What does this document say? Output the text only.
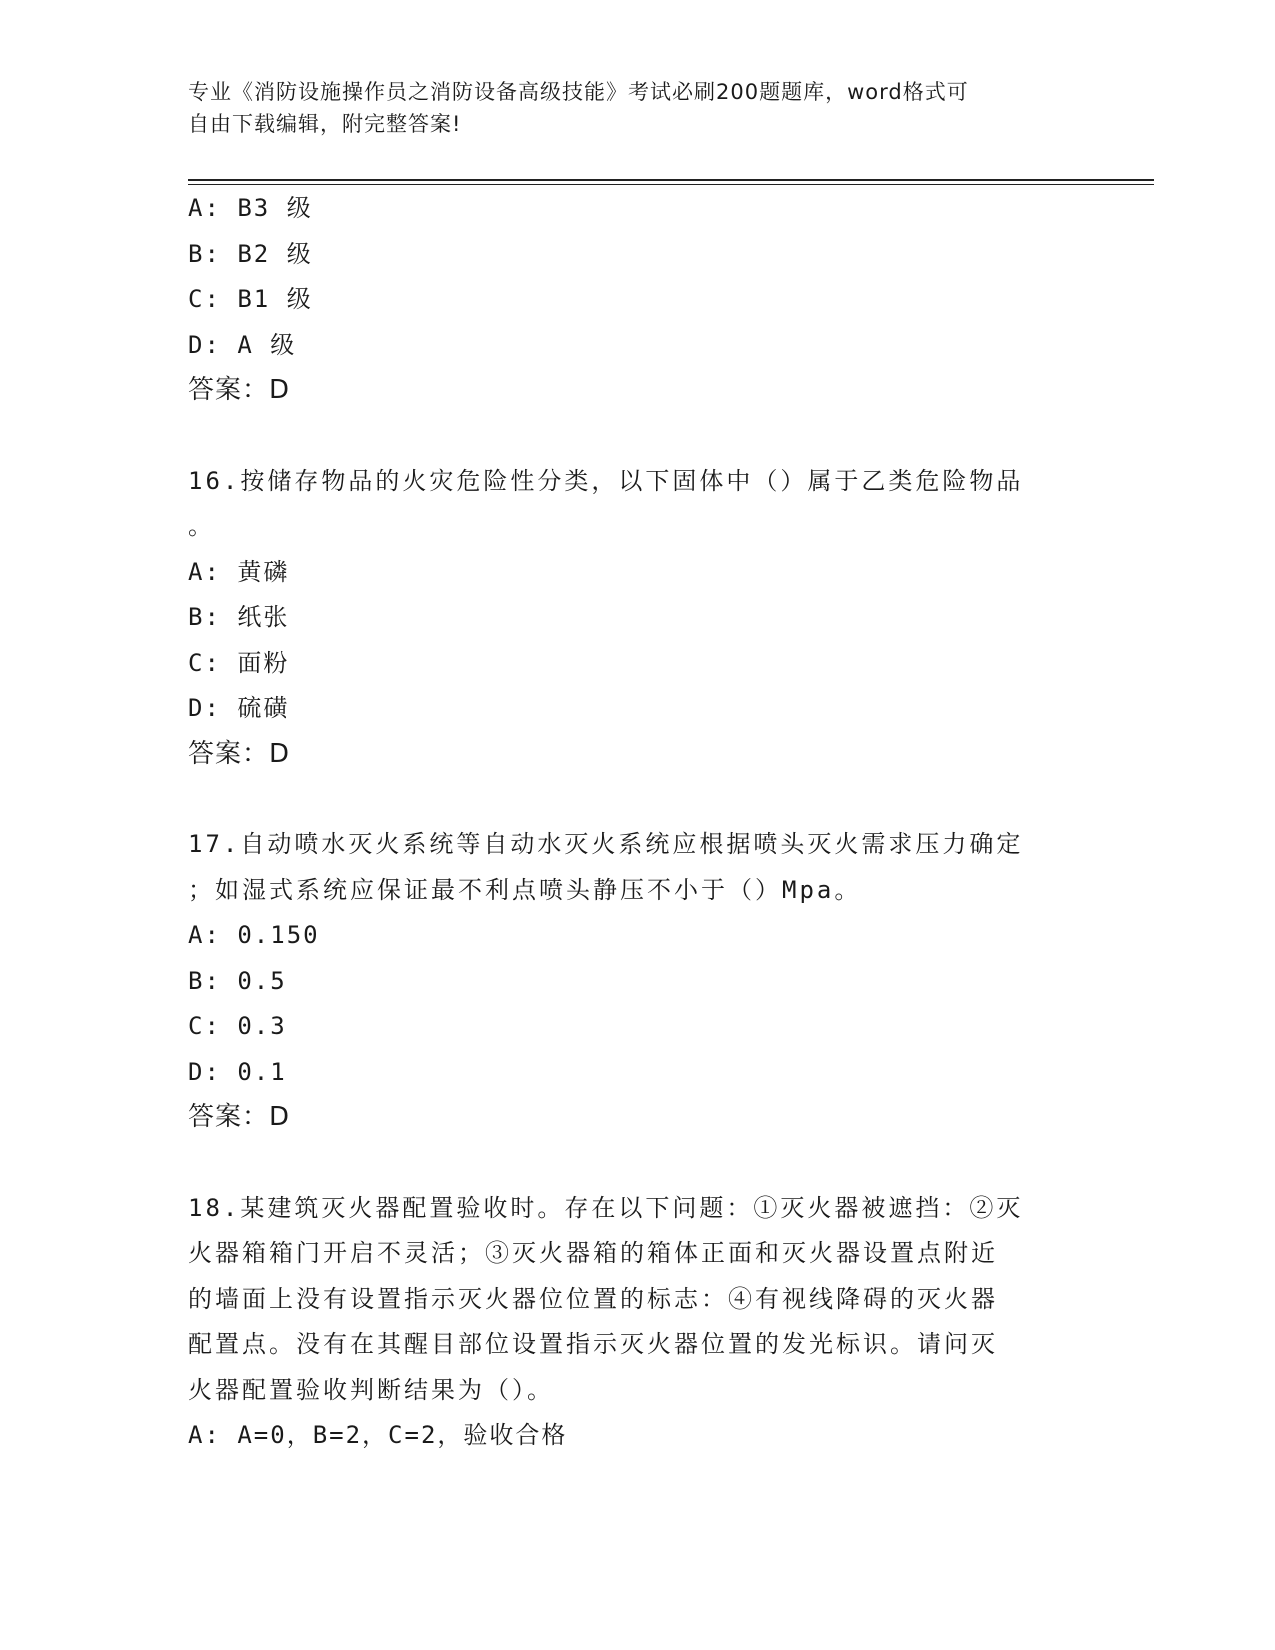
专业《消防设施操作员之消防设备高级技能》考试必刷200题题库，word格式可
自由下载编辑，附完整答案!
A: B3 级
B: B2 级
C: B1 级
D: A 级
答案：D
16.按储存物品的火灾危险性分类，以下固体中（）属于乙类危险物品
。
A: 黄磷
B: 纸张
C: 面粉
D: 硫磺
答案：D
17.自动喷水灭火系统等自动水灭火系统应根据喷头灭火需求压力确定
；如湿式系统应保证最不利点喷头静压不小于（）Mpa。
A: 0.150
B: 0.5
C: 0.3
D: 0.1
答案：D
18.某建筑灭火器配置验收时。存在以下问题：①灭火器被遮挡：②灭
火器箱箱门开启不灵活；③灭火器箱的箱体正面和灭火器设置点附近
的墙面上没有设置指示灭火器位位置的标志：④有视线降碍的灭火器
配置点。没有在其醒目部位设置指示灭火器位置的发光标识。请问灭
火器配置验收判断结果为（）。
A: A=0，B=2，C=2，验收合格
